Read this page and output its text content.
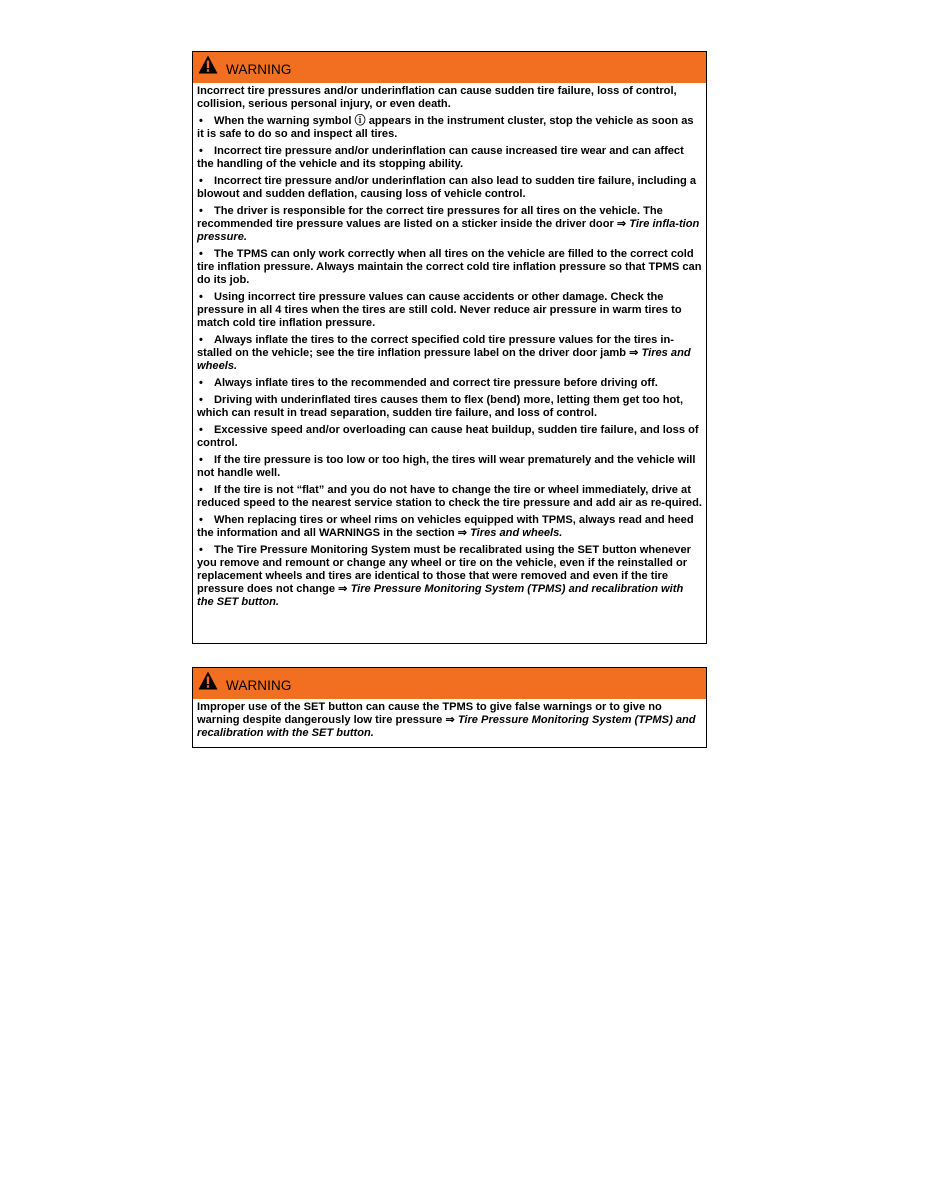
WARNING

Incorrect tire pressures and/or underinflation can cause sudden tire failure, loss of control, collision, serious personal injury, or even death.

• When the warning symbol ⓘ appears in the instrument cluster, stop the vehicle as soon as it is safe to do so and inspect all tires.

• Incorrect tire pressure and/or underinflation can cause increased tire wear and can affect the handling of the vehicle and its stopping ability.

• Incorrect tire pressure and/or underinflation can also lead to sudden tire failure, including a blowout and sudden deflation, causing loss of vehicle control.

• The driver is responsible for the correct tire pressures for all tires on the vehicle. The recommended tire pressure values are listed on a sticker inside the driver door ⇒ Tire infla-tion pressure.

• The TPMS can only work correctly when all tires on the vehicle are filled to the correct cold tire inflation pressure. Always maintain the correct cold tire inflation pressure so that TPMS can do its job.

• Using incorrect tire pressure values can cause accidents or other damage. Check the pressure in all 4 tires when the tires are still cold. Never reduce air pressure in warm tires to match cold tire inflation pressure.

• Always inflate the tires to the correct specified cold tire pressure values for the tires in-stalled on the vehicle; see the tire inflation pressure label on the driver door jamb ⇒ Tires and wheels.

• Always inflate tires to the recommended and correct tire pressure before driving off.

• Driving with underinflated tires causes them to flex (bend) more, letting them get too hot, which can result in tread separation, sudden tire failure, and loss of control.

• Excessive speed and/or overloading can cause heat buildup, sudden tire failure, and loss of control.

• If the tire pressure is too low or too high, the tires will wear prematurely and the vehicle will not handle well.

• If the tire is not “flat” and you do not have to change the tire or wheel immediately, drive at reduced speed to the nearest service station to check the tire pressure and add air as re-quired.

• When replacing tires or wheel rims on vehicles equipped with TPMS, always read and heed the information and all WARNINGS in the section ⇒ Tires and wheels.

• The Tire Pressure Monitoring System must be recalibrated using the SET button whenever you remove and remount or change any wheel or tire on the vehicle, even if the reinstalled or replacement wheels and tires are identical to those that were removed and even if the tire pressure does not change ⇒ Tire Pressure Monitoring System (TPMS) and recalibration with the SET button.

WARNING

Improper use of the SET button can cause the TPMS to give false warnings or to give no warning despite dangerously low tire pressure ⇒ Tire Pressure Monitoring System (TPMS) and recalibration with the SET button.
